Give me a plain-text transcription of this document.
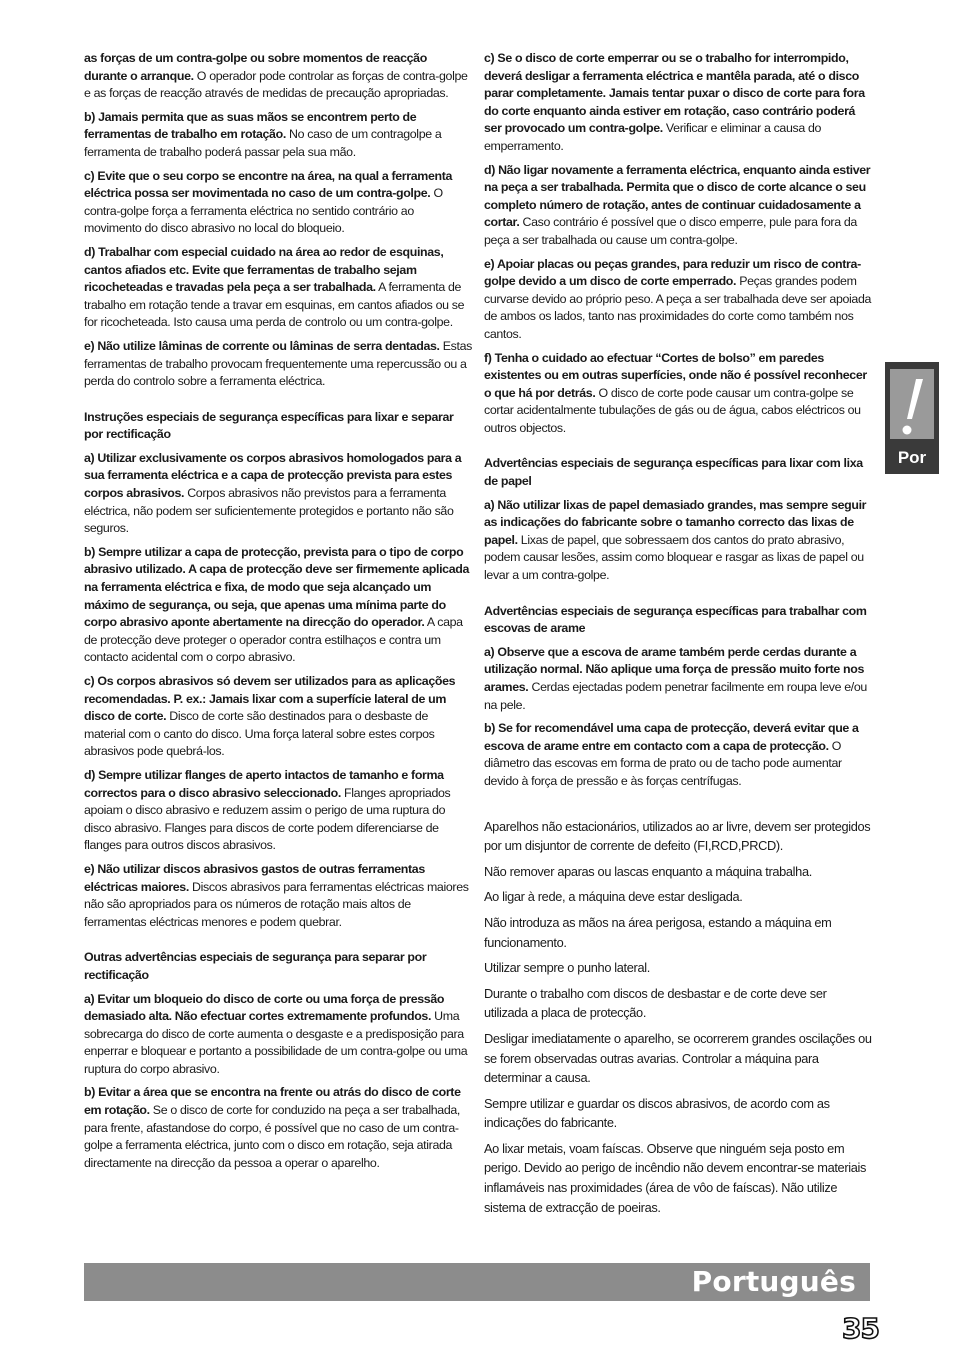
as forças de um contra-golpe ou sobre momentos de reacção durante o arranque. O operador pode controlar as forças de contra-golpe e as forças de reacção através de medidas de precaução apropriadas.

b) Jamais permita que as suas mãos se encontrem perto de ferramentas de trabalho em rotação. No caso de um contragolpe a ferramenta de trabalho poderá passar pela sua mão.

c) Evite que o seu corpo se encontre na área, na qual a ferramenta eléctrica possa ser movimentada no caso de um contra-golpe. O contra-golpe força a ferramenta eléctrica no sentido contrário ao movimento do disco abrasivo no local do bloqueio.

d) Trabalhar com especial cuidado na área ao redor de esquinas, cantos afiados etc. Evite que ferramentas de trabalho sejam ricocheteadas e travadas pela peça a ser trabalhada. A ferramenta de trabalho em rotação tende a travar em esquinas, em cantos afiados ou se for ricocheteada. Isto causa uma perda de controlo ou um contra-golpe.

e) Não utilize lâminas de corrente ou lâminas de serra dentadas. Estas ferramentas de trabalho provocam frequentemente uma repercussão ou a perda do controlo sobre a ferramenta eléctrica.

Instruções especiais de segurança específicas para lixar e separar por rectificação

a) Utilizar exclusivamente os corpos abrasivos homologados para a sua ferramenta eléctrica e a capa de protecção prevista para estes corpos abrasivos. Corpos abrasivos não previstos para a ferramenta eléctrica, não podem ser suficientemente protegidos e portanto não são seguros.

b) Sempre utilizar a capa de protecção, prevista para o tipo de corpo abrasivo utilizado. A capa de protecção deve ser firmemente aplicada na ferramenta eléctrica e fixa, de modo que seja alcançado um máximo de segurança, ou seja, que apenas uma mínima parte do corpo abrasivo aponte abertamente na direcção do operador. A capa de protecção deve proteger o operador contra estilhaços e contra um contacto acidental com o corpo abrasivo.

c) Os corpos abrasivos só devem ser utilizados para as aplicações recomendadas. P. ex.: Jamais lixar com a superfície lateral de um disco de corte. Disco de corte são destinados para o desbaste de material com o canto do disco. Uma força lateral sobre estes corpos abrasivos pode quebrá-los.

d) Sempre utilizar flanges de aperto intactos de tamanho e forma correctos para o disco abrasivo seleccionado. Flanges apropriados apoiam o disco abrasivo e reduzem assim o perigo de uma ruptura do disco abrasivo. Flanges para discos de corte podem diferenciarse de flanges para outros discos abrasivos.

e) Não utilizar discos abrasivos gastos de outras ferramentas eléctricas maiores. Discos abrasivos para ferramentas eléctricas maiores não são apropriados para os números de rotação mais altos de ferramentas eléctricas menores e podem quebrar.

Outras advertências especiais de segurança para separar por rectificação

a) Evitar um bloqueio do disco de corte ou uma força de pressão demasiado alta. Não efectuar cortes extremamente profundos. Uma sobrecarga do disco de corte aumenta o desgaste e a predisposição para enperrar e bloquear e portanto a possibilidade de um contra-golpe ou uma ruptura do corpo abrasivo.

b) Evitar a área que se encontra na frente ou atrás do disco de corte em rotação. Se o disco de corte for conduzido na peça a ser trabalhada, para frente, afastandose do corpo, é possível que no caso de um contra-golpe a ferramenta eléctrica, junto com o disco em rotação, seja atirada directamente na direcção da pessoa a operar o aparelho.

c) Se o disco de corte emperrar ou se o trabalho for interrompido, deverá desligar a ferramenta eléctrica e mantêla parada, até o disco parar completamente. Jamais tentar puxar o disco de corte para fora do corte enquanto ainda estiver em rotação, caso contrário poderá ser provocado um contra-golpe. Verificar e eliminar a causa do emperramento.

d) Não ligar novamente a ferramenta eléctrica, enquanto ainda estiver na peça a ser trabalhada. Permita que o disco de corte alcance o seu completo número de rotação, antes de continuar cuidadosamente a cortar. Caso contrário é possível que o disco emperre, pule para fora da peça a ser trabalhada ou cause um contra-golpe.

e) Apoiar placas ou peças grandes, para reduzir um risco de contra-golpe devido a um disco de corte emperrado. Peças grandes podem curvarse devido ao próprio peso. A peça a ser trabalhada deve ser apoiada de ambos os lados, tanto nas proximidades do corte como também nos cantos.

f) Tenha o cuidado ao efectuar “Cortes de bolso” em paredes existentes ou em outras superfícies, onde não é possível reconhecer o que há por detrás. O disco de corte pode causar um contra-golpe se cortar acidentalmente tubulações de gás ou de água, cabos eléctricos ou outros objectos.

Advertências especiais de segurança específicas para lixar com lixa de papel

a) Não utilizar lixas de papel demasiado grandes, mas sempre seguir as indicações do fabricante sobre o tamanho correcto das lixas de papel. Lixas de papel, que sobressaem dos cantos do prato abrasivo, podem causar lesões, assim como bloquear e rasgar as lixas de papel ou levar a um contra-golpe.

Advertências especiais de segurança específicas para trabalhar com escovas de arame

a) Observe que a escova de arame também perde cerdas durante a utilização normal. Não aplique uma força de pressão muito forte nos arames. Cerdas ejectadas podem penetrar facilmente em roupa leve e/ou na pele.

b) Se for recomendável uma capa de protecção, deverá evitar que a escova de arame entre em contacto com a capa de protecção. O diâmetro das escovas em forma de prato ou de tacho pode aumentar devido à força de pressão e às forças centrífugas.

Aparelhos não estacionários, utilizados ao ar livre, devem ser protegidos por um disjuntor de corrente de defeito (FI,RCD,PRCD).

Não remover aparas ou lascas enquanto a máquina trabalha.

Ao ligar à rede, a máquina deve estar desligada.

Não introduza as mãos na área perigosa, estando a máquina em funcionamento.

Utilizar sempre o punho lateral.

Durante o trabalho com discos de desbastar e de corte deve ser utilizada a placa de protecção.

Desligar imediatamente o aparelho, se ocorrerem grandes oscilações ou se forem observadas outras avarias. Controlar a máquina para determinar a causa.

Sempre utilizar e guardar os discos abrasivos, de acordo com as indicações do fabricante.

Ao lixar metais, voam faíscas. Observe que ninguém seja posto em perigo. Devido ao perigo de incêndio não devem encontrar-se materiais inflamáveis nas proximidades (área de vôo de faíscas). Não utilize sistema de extracção de poeiras.

Por
Português
35
